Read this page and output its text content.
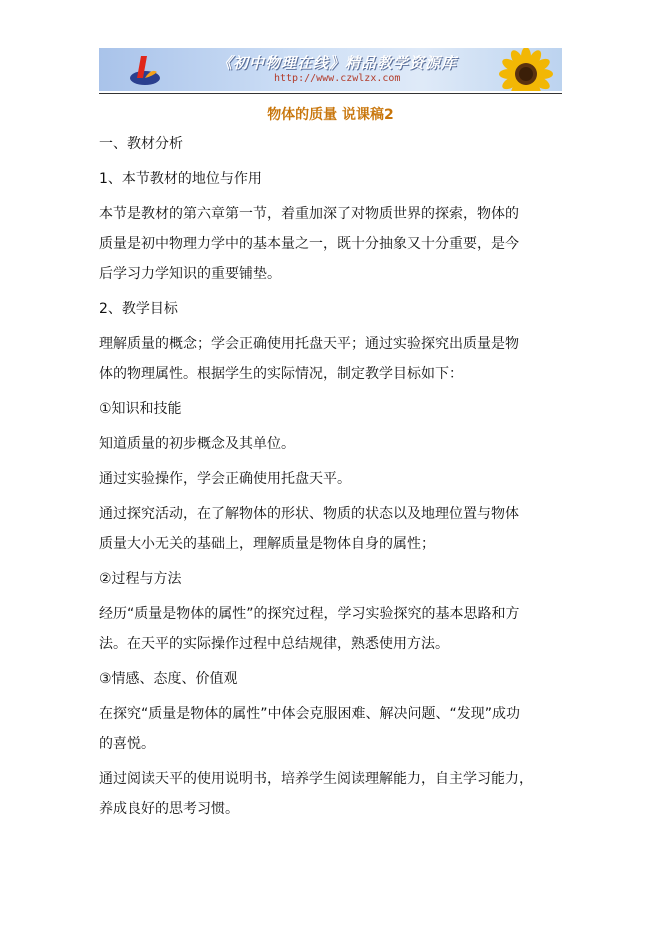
《初中物理在线》精品教学资源库
http://www.czwlzx.com
物体的质量 说课稿2

一、教材分析

1、本节教材的地位与作用

本节是教材的第六章第一节，着重加深了对物质世界的探索，物体的

质量是初中物理力学中的基本量之一，既十分抽象又十分重要，是今

后学习力学知识的重要铺垫。

2、教学目标

理解质量的概念；学会正确使用托盘天平；通过实验探究出质量是物

体的物理属性。根据学生的实际情况，制定教学目标如下：

①知识和技能

知道质量的初步概念及其单位。

通过实验操作，学会正确使用托盘天平。

通过探究活动，在了解物体的形状、物质的状态以及地理位置与物体

质量大小无关的基础上，理解质量是物体自身的属性；

②过程与方法

经历“质量是物体的属性”的探究过程，学习实验探究的基本思路和方

法。在天平的实际操作过程中总结规律，熟悉使用方法。

③情感、态度、价值观

在探究“质量是物体的属性”中体会克服困难、解决问题、“发现”成功

的喜悦。

通过阅读天平的使用说明书，培养学生阅读理解能力，自主学习能力，

养成良好的思考习惯。
